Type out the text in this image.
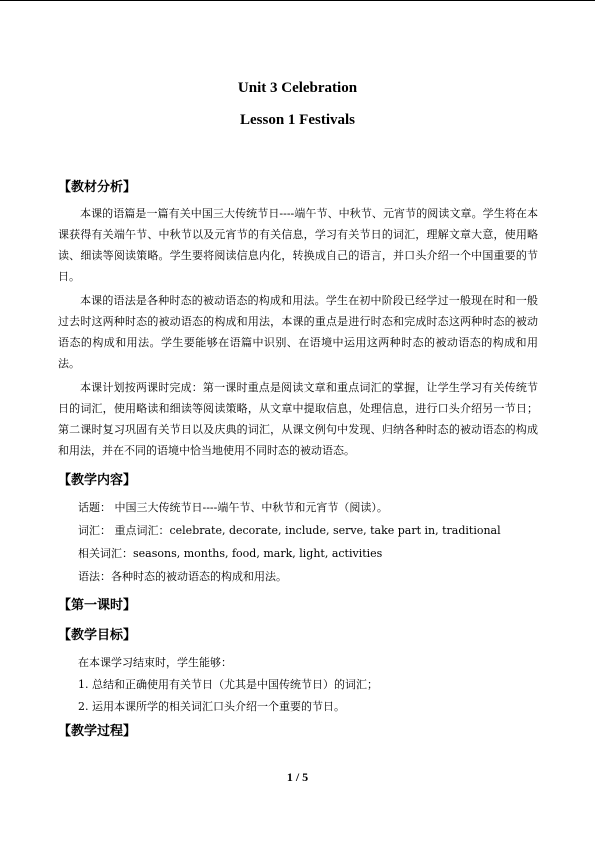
Unit 3 Celebration
Lesson 1 Festivals
【教材分析】
本课的语篇是一篇有关中国三大传统节日----端午节、中秋节、元宵节的阅读文章。学生将在本课获得有关端午节、中秋节以及元宵节的有关信息，学习有关节日的词汇，理解文章大意，使用略读、细读等阅读策略。学生要将阅读信息内化，转换成自己的语言，并口头介绍一个中国重要的节日。
本课的语法是各种时态的被动语态的构成和用法。学生在初中阶段已经学过一般现在时和一般过去时这两种时态的被动语态的构成和用法，本课的重点是进行时态和完成时态这两种时态的被动语态的构成和用法。学生要能够在语篇中识别、在语境中运用这两种时态的被动语态的构成和用法。
本课计划按两课时完成：第一课时重点是阅读文章和重点词汇的掌握，让学生学习有关传统节日的词汇，使用略读和细读等阅读策略，从文章中提取信息，处理信息，进行口头介绍另一节日；第二课时复习巩固有关节日以及庆典的词汇，从课文例句中发现、归纳各种时态的被动语态的构成和用法，并在不同的语境中恰当地使用不同时态的被动语态。
【教学内容】
话题： 中国三大传统节日----端午节、中秋节和元宵节（阅读）。
词汇： 重点词汇：celebrate, decorate, include, serve, take part in, traditional
相关词汇：seasons, months, food, mark, light, activities
语法：各种时态的被动语态的构成和用法。
【第一课时】
【教学目标】
在本课学习结束时，学生能够：
1. 总结和正确使用有关节日（尤其是中国传统节日）的词汇；
2. 运用本课所学的相关词汇口头介绍一个重要的节日。
【教学过程】
1 / 5
